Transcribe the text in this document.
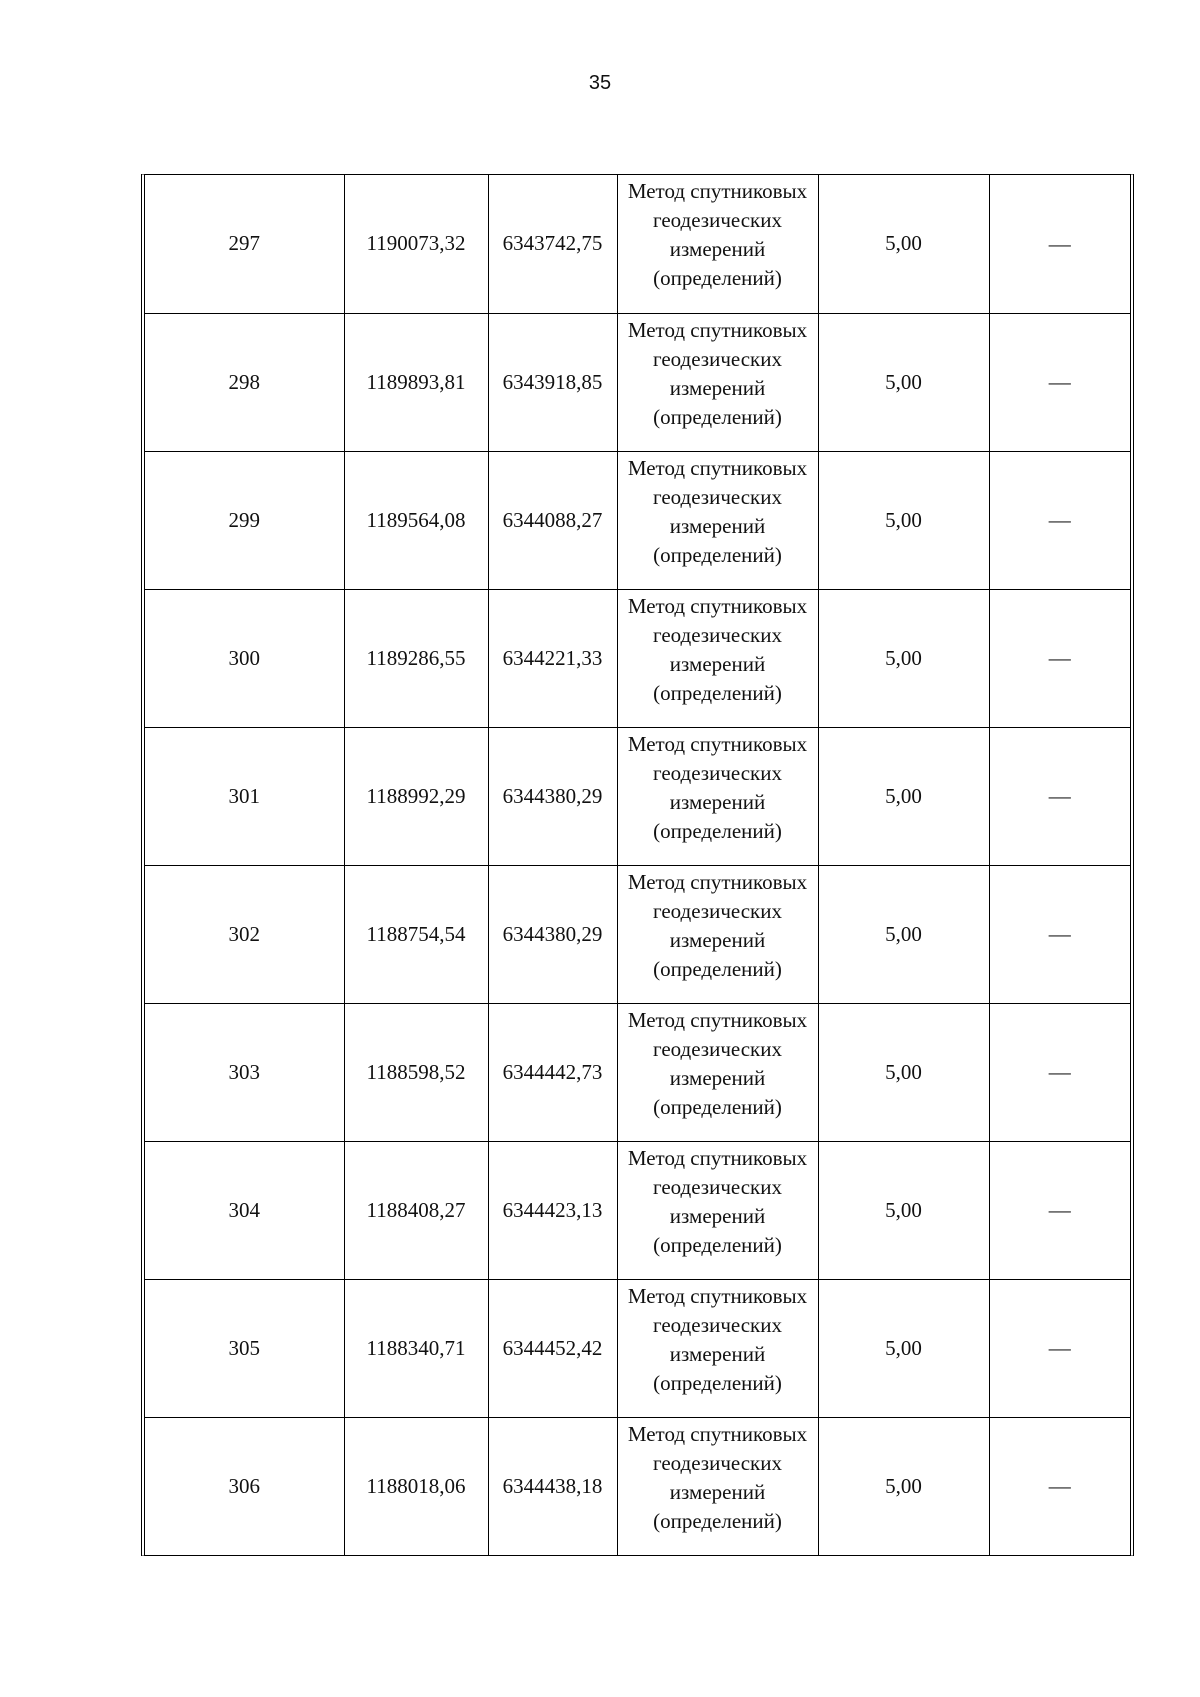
35
297	1190073,32	6343742,75	Метод спутниковых
геодезических
измерений
(определений)	5,00	—
298	1189893,81	6343918,85	Метод спутниковых
геодезических
измерений
(определений)	5,00	—
299	1189564,08	6344088,27	Метод спутниковых
геодезических
измерений
(определений)	5,00	—
300	1189286,55	6344221,33	Метод спутниковых
геодезических
измерений
(определений)	5,00	—
301	1188992,29	6344380,29	Метод спутниковых
геодезических
измерений
(определений)	5,00	—
302	1188754,54	6344380,29	Метод спутниковых
геодезических
измерений
(определений)	5,00	—
303	1188598,52	6344442,73	Метод спутниковых
геодезических
измерений
(определений)	5,00	—
304	1188408,27	6344423,13	Метод спутниковых
геодезических
измерений
(определений)	5,00	—
305	1188340,71	6344452,42	Метод спутниковых
геодезических
измерений
(определений)	5,00	—
306	1188018,06	6344438,18	Метод спутниковых
геодезических
измерений
(определений)	5,00	—
